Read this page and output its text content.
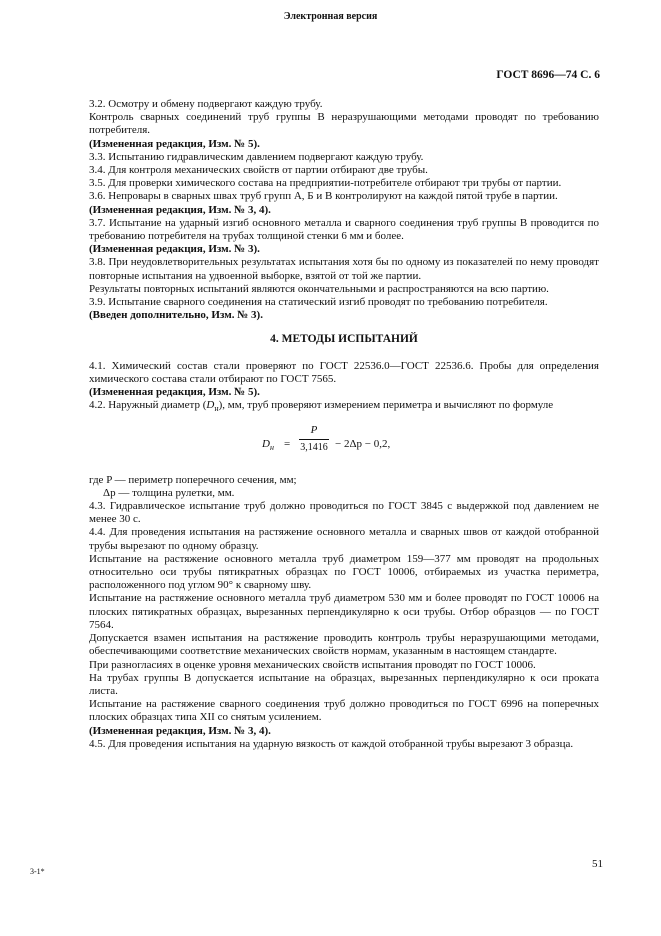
Электронная версия
ГОСТ 8696—74 С. 6

3.2. Осмотру и обмену подвергают каждую трубу.

Контроль сварных соединений труб группы В неразрушающими методами проводят по требованию потребителя.

(Измененная редакция, Изм. № 5).

3.3. Испытанию гидравлическим давлением подвергают каждую трубу.

3.4. Для контроля механических свойств от партии отбирают две трубы.

3.5. Для проверки химического состава на предприятии-потребителе отбирают три трубы от партии.

3.6. Непровары в сварных швах труб групп А, Б и В контролируют на каждой пятой трубе в партии.

(Измененная редакция, Изм. № 3, 4).

3.7. Испытание на ударный изгиб основного металла и сварного соединения труб группы В проводится по требованию потребителя на трубах толщиной стенки 6 мм и более.

(Измененная редакция, Изм. № 3).

3.8. При неудовлетворительных результатах испытания хотя бы по одному из показателей по нему проводят повторные испытания на удвоенной выборке, взятой от той же партии.

Результаты повторных испытаний являются окончательными и распространяются на всю партию.

3.9. Испытание сварного соединения на статический изгиб проводят по требованию потребителя.

(Введен дополнительно, Изм. № 3).

4. МЕТОДЫ ИСПЫТАНИЙ

4.1. Химический состав стали проверяют по ГОСТ 22536.0—ГОСТ 22536.6. Пробы для определения химического состава стали отбирают по ГОСТ 7565.

(Измененная редакция, Изм. № 5).

4.2. Наружный диаметр $(D_н)$, мм, труб проверяют измерением периметра и вычисляют по формуле

$D_н = \frac{P}{3,1416} - 2\Delta p - 0,2$,

где P — периметр поперечного сечения, мм;

Δp — толщина рулетки, мм.

4.3. Гидравлическое испытание труб должно проводиться по ГОСТ 3845 с выдержкой под давлением не менее 30 с.

4.4. Для проведения испытания на растяжение основного металла и сварных швов от каждой отобранной трубы вырезают по одному образцу.

Испытание на растяжение основного металла труб диаметром 159—377 мм проводят на продольных относительно оси трубы пятикратных образцах по ГОСТ 10006, отбираемых из участка периметра, расположенного под углом 90° к сварному шву.

Испытание на растяжение основного металла труб диаметром 530 мм и более проводят по ГОСТ 10006 на плоских пятикратных образцах, вырезанных перпендикулярно к оси трубы. Отбор образцов — по ГОСТ 7564.

Допускается взамен испытания на растяжение проводить контроль трубы неразрушающими методами, обеспечивающими соответствие механических свойств нормам, указанным в настоящем стандарте.

При разногласиях в оценке уровня механических свойств испытания проводят по ГОСТ 10006.

На трубах группы В допускается испытание на образцах, вырезанных перпендикулярно к оси проката листа.

Испытание на растяжение сварного соединения труб должно проводиться по ГОСТ 6996 на поперечных плоских образцах типа XII со снятым усилением.

(Измененная редакция, Изм. № 3, 4).

4.5. Для проведения испытания на ударную вязкость от каждой отобранной трубы вырезают 3 образца.

3-1*
51
